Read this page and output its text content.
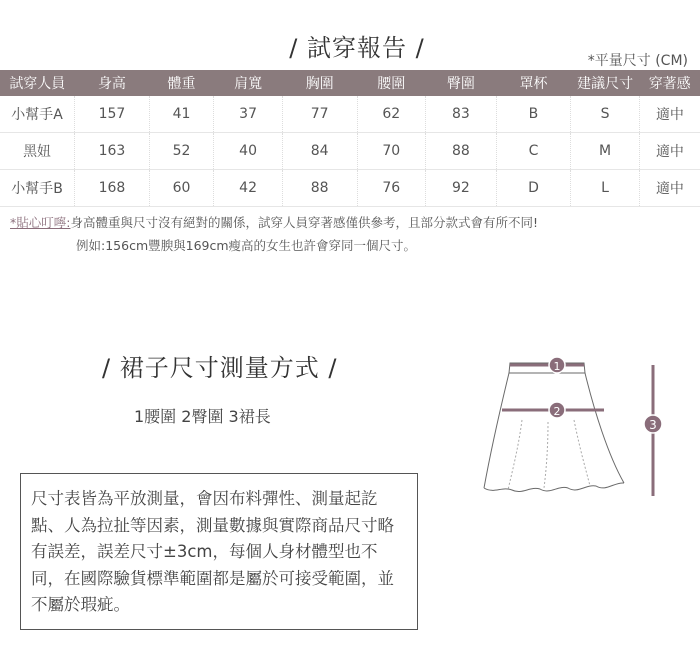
/ 試穿報告 /	*平量尺寸 (CM)
試穿人員	身高	體重	肩寬	胸圍	腰圍	臀圍	罩杯	建議尺寸	穿著感
小幫手A	157	41	37	77	62	83	B	S	適中
黑妞	163	52	40	84	70	88	C	M	適中
小幫手B	168	60	42	88	76	92	D	L	適中
*貼心叮嚀:身高體重與尺寸沒有絕對的關係，試穿人員穿著感僅供參考，且部分款式會有所不同!
例如:156cm豐腴與169cm瘦高的女生也許會穿同一個尺寸。
/ 裙子尺寸測量方式 /
1腰圍 2臀圍 3裙長
1
2
3
尺寸表皆為平放測量，會因布料彈性、測量起訖點、人為拉扯等因素，測量數據與實際商品尺寸略有誤差，誤差尺寸±3cm，每個人身材體型也不同，在國際驗貨標準範圍都是屬於可接受範圍，並不屬於瑕疵。
